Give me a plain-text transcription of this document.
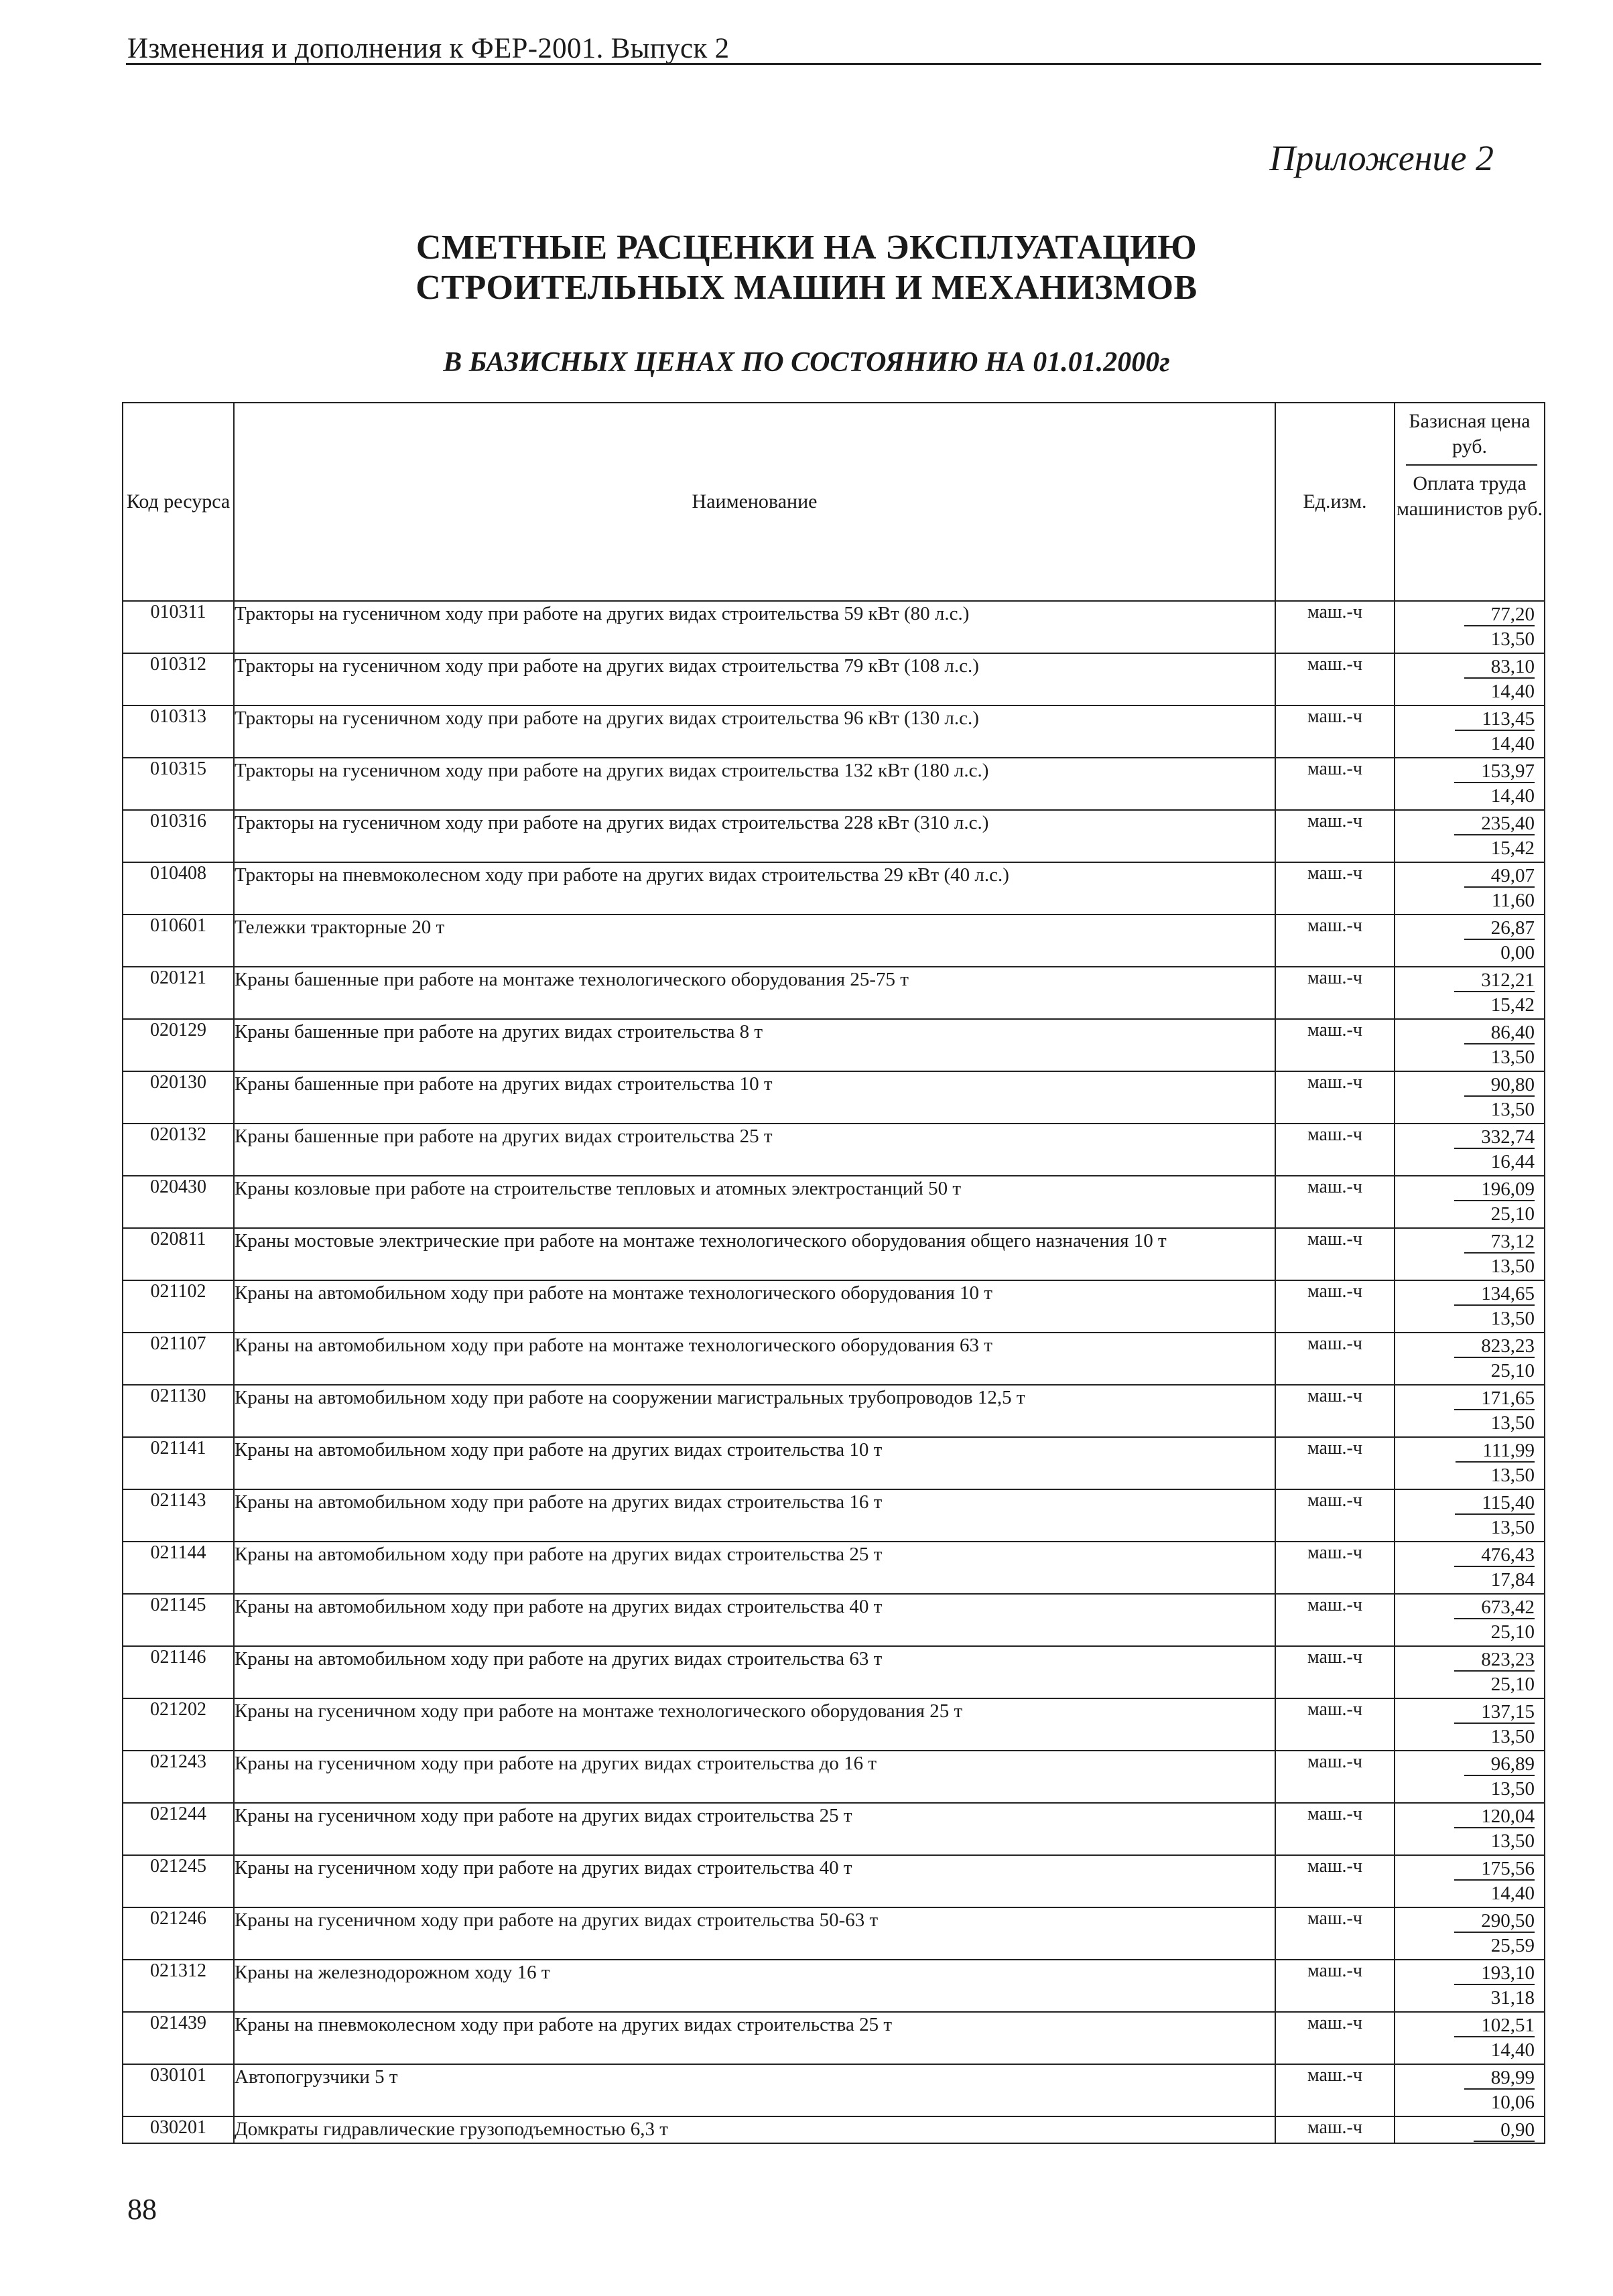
Изменения и дополнения к ФЕР-2001. Выпуск 2
Приложение 2
СМЕТНЫЕ РАСЦЕНКИ НА ЭКСПЛУАТАЦИЮ
СТРОИТЕЛЬНЫХ МАШИН И МЕХАНИЗМОВ
В БАЗИСНЫХ ЦЕНАХ ПО СОСТОЯНИЮ НА 01.01.2000г
Код ресурса	Наименование	Ед.изм.	Базисная цена руб.
Оплата труда машинистов руб.

010311	Тракторы на гусеничном ходу при работе на других видах строительства 59 кВт (80 л.с.)	маш.-ч	77,20
13,50

010312	Тракторы на гусеничном ходу при работе на других видах строительства 79 кВт (108 л.с.)	маш.-ч	83,10
14,40

010313	Тракторы на гусеничном ходу при работе на других видах строительства 96 кВт (130 л.с.)	маш.-ч	113,45
14,40

010315	Тракторы на гусеничном ходу при работе на других видах строительства 132 кВт (180 л.с.)	маш.-ч	153,97
14,40

010316	Тракторы на гусеничном ходу при работе на других видах строительства 228 кВт (310 л.с.)	маш.-ч	235,40
15,42

010408	Тракторы на пневмоколесном ходу при работе на других видах строительства 29 кВт (40 л.с.)	маш.-ч	49,07
11,60

010601	Тележки тракторные 20 т	маш.-ч	26,87
0,00

020121	Краны башенные при работе на монтаже технологического оборудования 25-75 т	маш.-ч	312,21
15,42

020129	Краны башенные при работе на других видах строительства 8 т	маш.-ч	86,40
13,50

020130	Краны башенные при работе на других видах строительства 10 т	маш.-ч	90,80
13,50

020132	Краны башенные при работе на других видах строительства 25 т	маш.-ч	332,74
16,44

020430	Краны козловые при работе на строительстве тепловых и атомных электростанций 50 т	маш.-ч	196,09
25,10

020811	Краны мостовые электрические при работе на монтаже технологического оборудования общего назначения 10 т	маш.-ч	73,12
13,50

021102	Краны на автомобильном ходу при работе на монтаже технологического оборудования 10 т	маш.-ч	134,65
13,50

021107	Краны на автомобильном ходу при работе на монтаже технологического оборудования 63 т	маш.-ч	823,23
25,10

021130	Краны на автомобильном ходу при работе на сооружении магистральных трубопроводов 12,5 т	маш.-ч	171,65
13,50

021141	Краны на автомобильном ходу при работе на других видах строительства 10 т	маш.-ч	111,99
13,50

021143	Краны на автомобильном ходу при работе на других видах строительства 16 т	маш.-ч	115,40
13,50

021144	Краны на автомобильном ходу при работе на других видах строительства 25 т	маш.-ч	476,43
17,84

021145	Краны на автомобильном ходу при работе на других видах строительства 40 т	маш.-ч	673,42
25,10

021146	Краны на автомобильном ходу при работе на других видах строительства 63 т	маш.-ч	823,23
25,10

021202	Краны на гусеничном ходу при работе на монтаже технологического оборудования 25 т	маш.-ч	137,15
13,50

021243	Краны на гусеничном ходу при работе на других видах строительства до 16 т	маш.-ч	96,89
13,50

021244	Краны на гусеничном ходу при работе на других видах строительства 25 т	маш.-ч	120,04
13,50

021245	Краны на гусеничном ходу при работе на других видах строительства 40 т	маш.-ч	175,56
14,40

021246	Краны на гусеничном ходу при работе на других видах строительства 50-63 т	маш.-ч	290,50
25,59

021312	Краны на железнодорожном ходу 16 т	маш.-ч	193,10
31,18

021439	Краны на пневмоколесном ходу при работе на других видах строительства 25 т	маш.-ч	102,51
14,40

030101	Автопогрузчики 5 т	маш.-ч	89,99
10,06

030201	Домкраты гидравлические грузоподъемностью 6,3 т	маш.-ч	0,90
88
